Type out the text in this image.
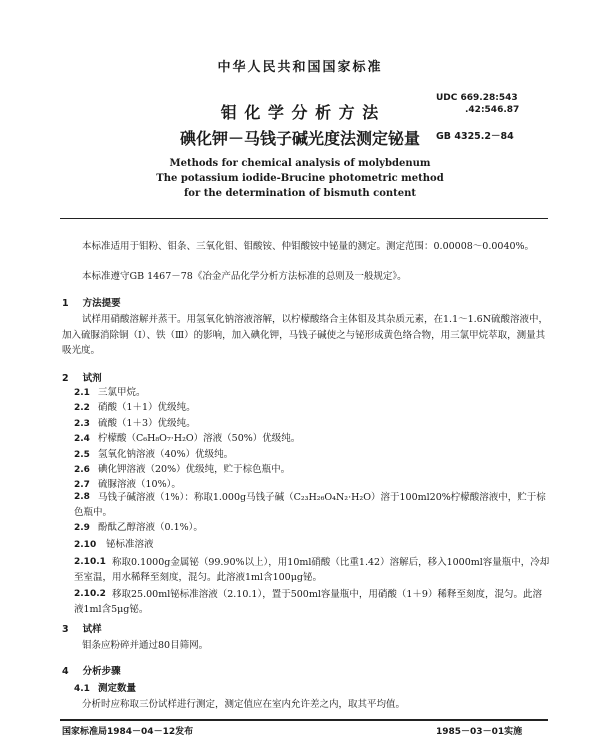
中华人民共和国国家标准
钼 化 学 分 析 方 法
碘化钾－马钱子碱光度法测定铋量
UDC 669.28:543
.42:546.87
GB 4325.2－84
Methods for chemical analysis of molybdenum
The potassium iodide-Brucine photometric method
for the determination of bismuth content
本标准适用于钼粉、钼条、三氧化钼、钼酸铵、仲钼酸铵中铋量的测定。测定范围：0.00008～0.0040%。
本标准遵守GB 1467－78《冶金产品化学分析方法标准的总则及一般规定》。
1 方法提要
试样用硝酸溶解并蒸干。用氢氧化钠溶液溶解，以柠檬酸络合主体钼及其杂质元素，在1.1～1.6N硫酸溶液中，加入硫脲消除铜（Ⅰ）、铁（Ⅲ）的影响，加入碘化钾，马钱子碱使之与铋形成黄色络合物，用三氯甲烷萃取，测量其吸光度。
2 试剂
2.1 三氯甲烷。
2.2 硝酸（1＋1）优级纯。
2.3 硫酸（1＋3）优级纯。
2.4 柠檬酸（C₆H₈O₇·H₂O）溶液（50%）优级纯。
2.5 氢氧化钠溶液（40%）优级纯。
2.6 碘化钾溶液（20%）优级纯，贮于棕色瓶中。
2.7 硫脲溶液（10%）。
2.8 马钱子碱溶液（1%）：称取1.000g马钱子碱（C₂₃H₂₆O₄N₂·H₂O）溶于100ml20%柠檬酸溶液中，贮于棕色瓶中。
2.9 酚酞乙醇溶液（0.1%）。
2.10 铋标准溶液
2.10.1 称取0.1000g金属铋（99.90%以上），用10ml硝酸（比重1.42）溶解后，移入1000ml容量瓶中，冷却至室温，用水稀释至刻度，混匀。此溶液1ml含100μg铋。
2.10.2 移取25.00ml铋标准溶液（2.10.1），置于500ml容量瓶中，用硝酸（1＋9）稀释至刻度，混匀。此溶液1ml含5μg铋。
3 试样
钼条应粉碎并通过80目筛网。
4 分析步骤
4.1 测定数量
分析时应称取三份试样进行测定，测定值应在室内允许差之内，取其平均值。
国家标准局1984－04－12发布	1985－03－01实施
